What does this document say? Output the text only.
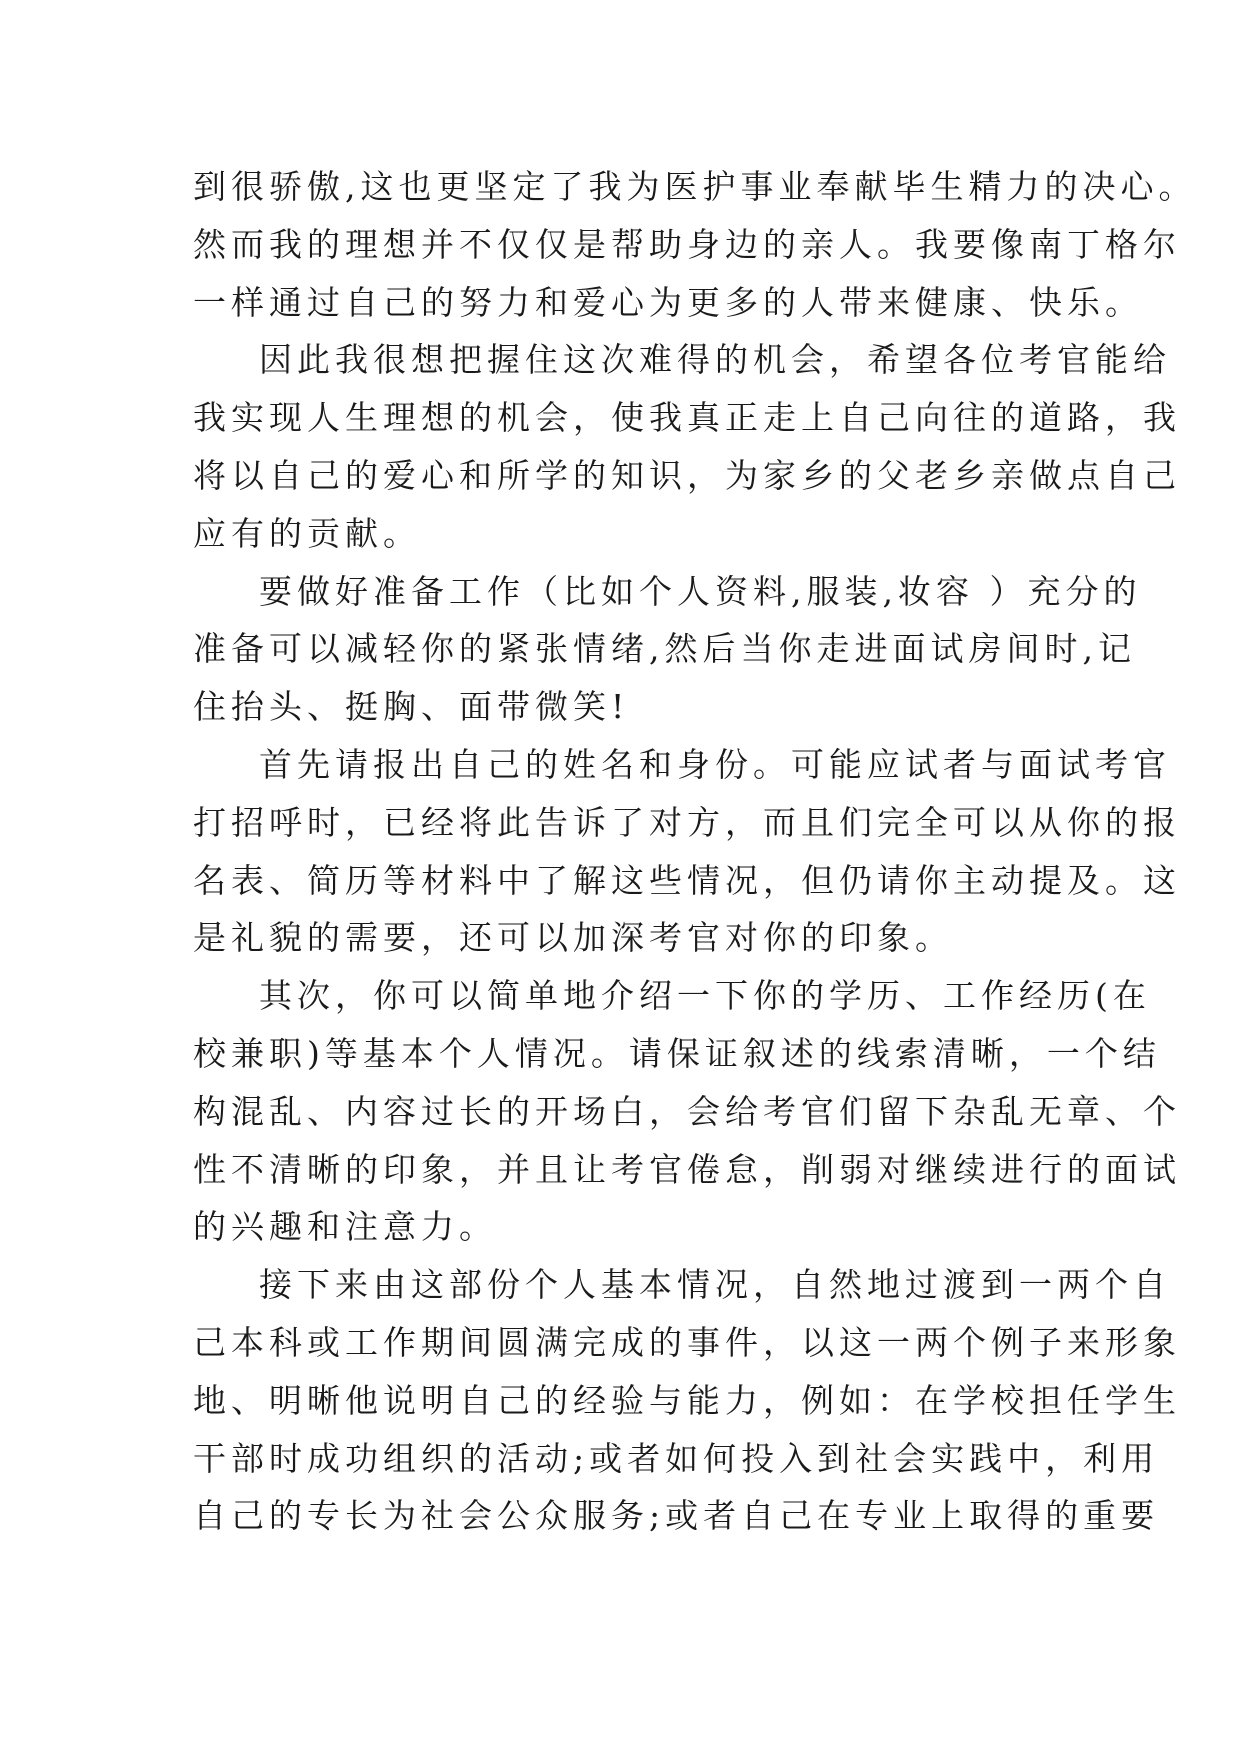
到很骄傲,这也更坚定了我为医护事业奉献毕生精力的决心。
然而我的理想并不仅仅是帮助身边的亲人。我要像南丁格尔
一样通过自己的努力和爱心为更多的人带来健康、快乐。
因此我很想把握住这次难得的机会，希望各位考官能给
我实现人生理想的机会，使我真正走上自己向往的道路，我
将以自己的爱心和所学的知识，为家乡的父老乡亲做点自己
应有的贡献。
要做好准备工作（比如个人资料,服装,妆容 ）充分的
准备可以减轻你的紧张情绪,然后当你走进面试房间时,记
住抬头、挺胸、面带微笑!
首先请报出自己的姓名和身份。可能应试者与面试考官
打招呼时，已经将此告诉了对方，而且们完全可以从你的报
名表、简历等材料中了解这些情况，但仍请你主动提及。这
是礼貌的需要，还可以加深考官对你的印象。
其次，你可以简单地介绍一下你的学历、工作经历(在
校兼职)等基本个人情况。请保证叙述的线索清晰，一个结
构混乱、内容过长的开场白，会给考官们留下杂乱无章、个
性不清晰的印象，并且让考官倦怠，削弱对继续进行的面试
的兴趣和注意力。
接下来由这部份个人基本情况，自然地过渡到一两个自
己本科或工作期间圆满完成的事件，以这一两个例子来形象
地、明晰他说明自己的经验与能力，例如：在学校担任学生
干部时成功组织的活动;或者如何投入到社会实践中，利用
自己的专长为社会公众服务;或者自己在专业上取得的重要
